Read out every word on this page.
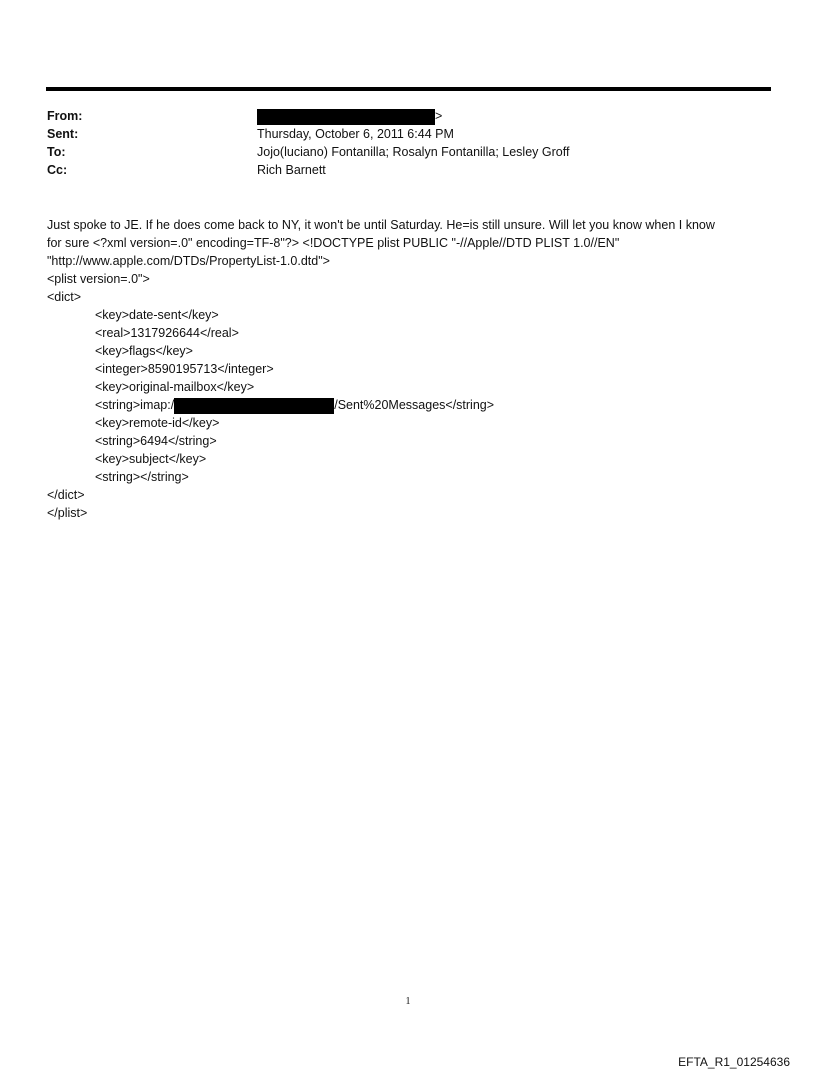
From:	>
Sent:	Thursday, October 6, 2011 6:44 PM
To:	Jojo(luciano) Fontanilla; Rosalyn Fontanilla; Lesley Groff
Cc:	Rich Barnett
Just spoke to JE. If he does come back to NY, it won't be until Saturday. He=is still unsure. Will let you know when I know
for sure <?xml version=.0" encoding=TF-8"?> <!DOCTYPE plist PUBLIC "-//Apple//DTD PLIST 1.0//EN"
"http://www.apple.com/DTDs/PropertyList-1.0.dtd">
<plist version=.0">
<dict>
<key>date-sent</key>
<real>1317926644</real>
<key>flags</key>
<integer>8590195713</integer>
<key>original-mailbox</key>
<string>imap:/	/Sent%20Messages</string>
<key>remote-id</key>
<string>6494</string>
<key>subject</key>
<string></string>
</dict>
</plist>
1
EFTA_R1_01254636
